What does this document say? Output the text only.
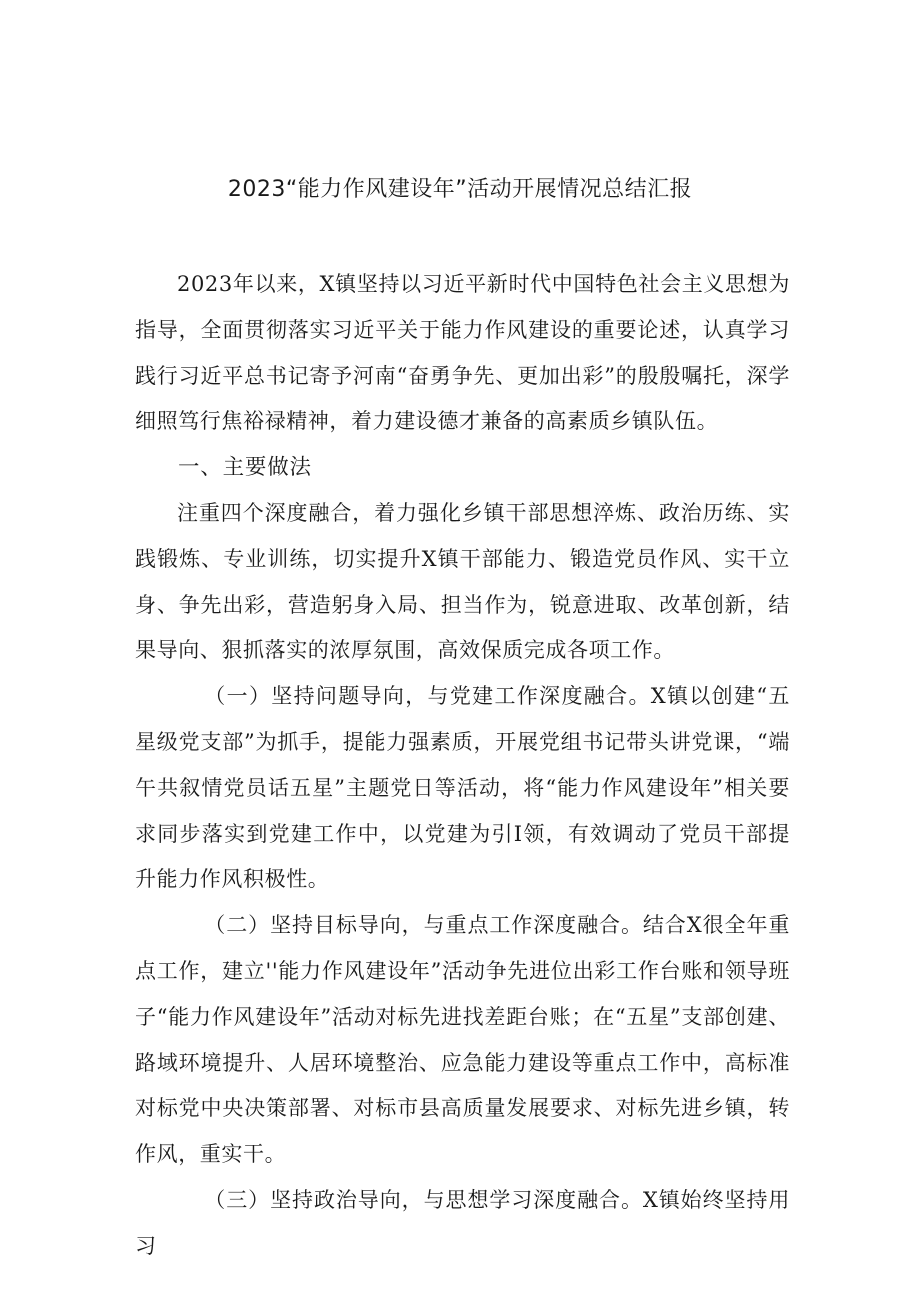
2023“能力作风建设年”活动开展情况总结汇报

2023年以来，X镇坚持以习近平新时代中国特色社会主义思想为指导，全面贯彻落实习近平关于能力作风建设的重要论述，认真学习践行习近平总书记寄予河南“奋勇争先、更加出彩”的殷殷嘱托，深学细照笃行焦裕禄精神，着力建设德才兼备的高素质乡镇队伍。

一、主要做法

注重四个深度融合，着力强化乡镇干部思想淬炼、政治历练、实践锻炼、专业训练，切实提升X镇干部能力、锻造党员作风、实干立身、争先出彩，营造躬身入局、担当作为，锐意进取、改革创新，结果导向、狠抓落实的浓厚氛围，高效保质完成各项工作。

（一）坚持问题导向，与党建工作深度融合。X镇以创建“五星级党支部”为抓手，提能力强素质，开展党组书记带头讲党课，“端午共叙情党员话五星”主题党日等活动，将“能力作风建设年”相关要求同步落实到党建工作中，以党建为引I领，有效调动了党员干部提升能力作风积极性。

（二）坚持目标导向，与重点工作深度融合。结合X很全年重点工作，建立''能力作风建设年”活动争先进位出彩工作台账和领导班子“能力作风建设年”活动对标先进找差距台账；在“五星”支部创建、路域环境提升、人居环境整治、应急能力建设等重点工作中，高标准对标党中央决策部署、对标市县高质量发展要求、对标先进乡镇，转作风，重实干。

（三）坚持政治导向，与思想学习深度融合。X镇始终坚持用习
